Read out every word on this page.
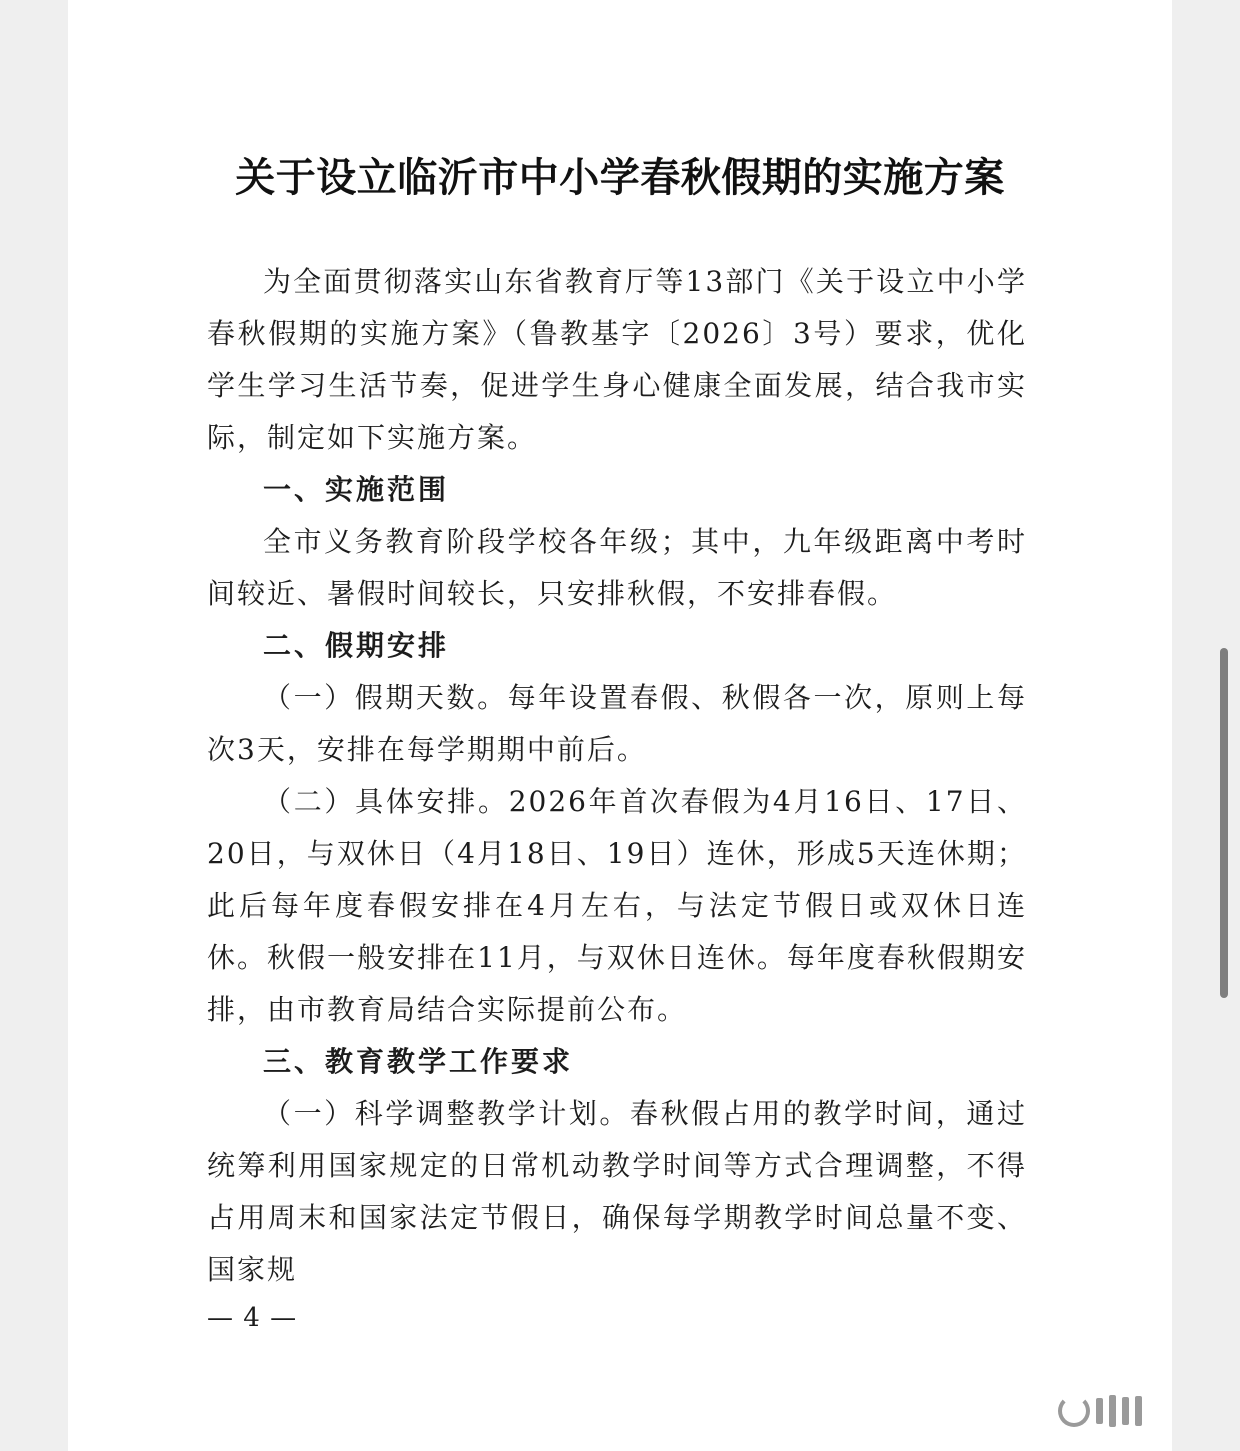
关于设立临沂市中小学春秋假期的实施方案

为全面贯彻落实山东省教育厅等13部门《关于设立中小学春秋假期的实施方案》（鲁教基字〔2026〕3号）要求，优化学生学习生活节奏，促进学生身心健康全面发展，结合我市实际，制定如下实施方案。

一、实施范围

全市义务教育阶段学校各年级；其中，九年级距离中考时间较近、暑假时间较长，只安排秋假，不安排春假。

二、假期安排

（一）假期天数。每年设置春假、秋假各一次，原则上每次3天，安排在每学期期中前后。

（二）具体安排。2026年首次春假为4月16日、17日、20日，与双休日（4月18日、19日）连休，形成5天连休期；此后每年度春假安排在4月左右，与法定节假日或双休日连休。秋假一般安排在11月，与双休日连休。每年度春秋假期安排，由市教育局结合实际提前公布。

三、教育教学工作要求

（一）科学调整教学计划。春秋假占用的教学时间，通过统筹利用国家规定的日常机动教学时间等方式合理调整，不得占用周末和国家法定节假日，确保每学期教学时间总量不变、国家规

— 4 —
